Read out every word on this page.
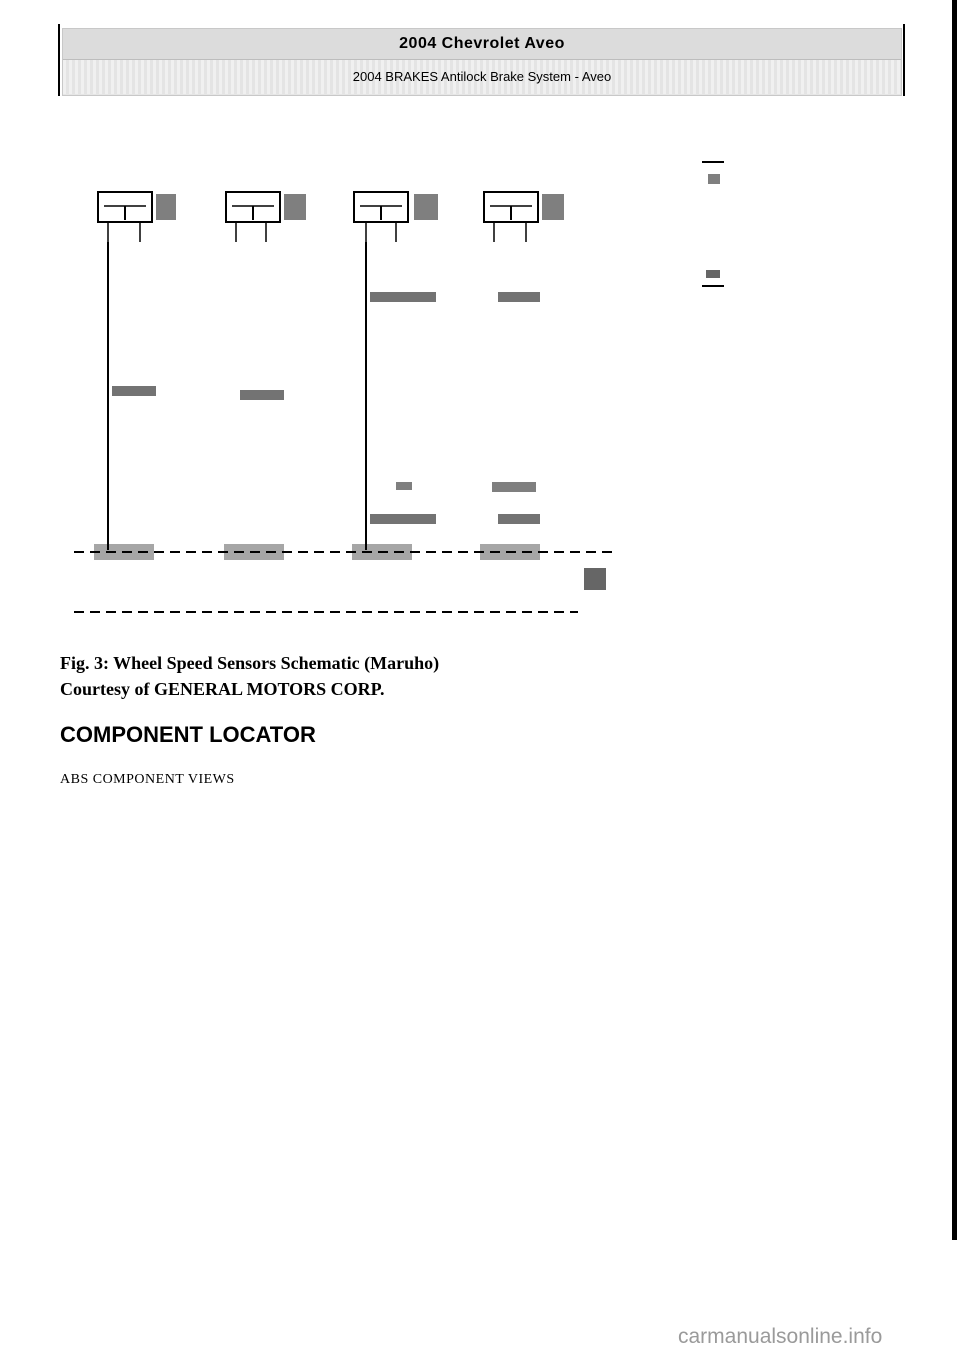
2004 Chevrolet Aveo
2004 BRAKES Antilock Brake System - Aveo
Fig. 3: Wheel Speed Sensors Schematic (Maruho)
Courtesy of GENERAL MOTORS CORP.
COMPONENT LOCATOR
ABS COMPONENT VIEWS
carmanualsonline.info
